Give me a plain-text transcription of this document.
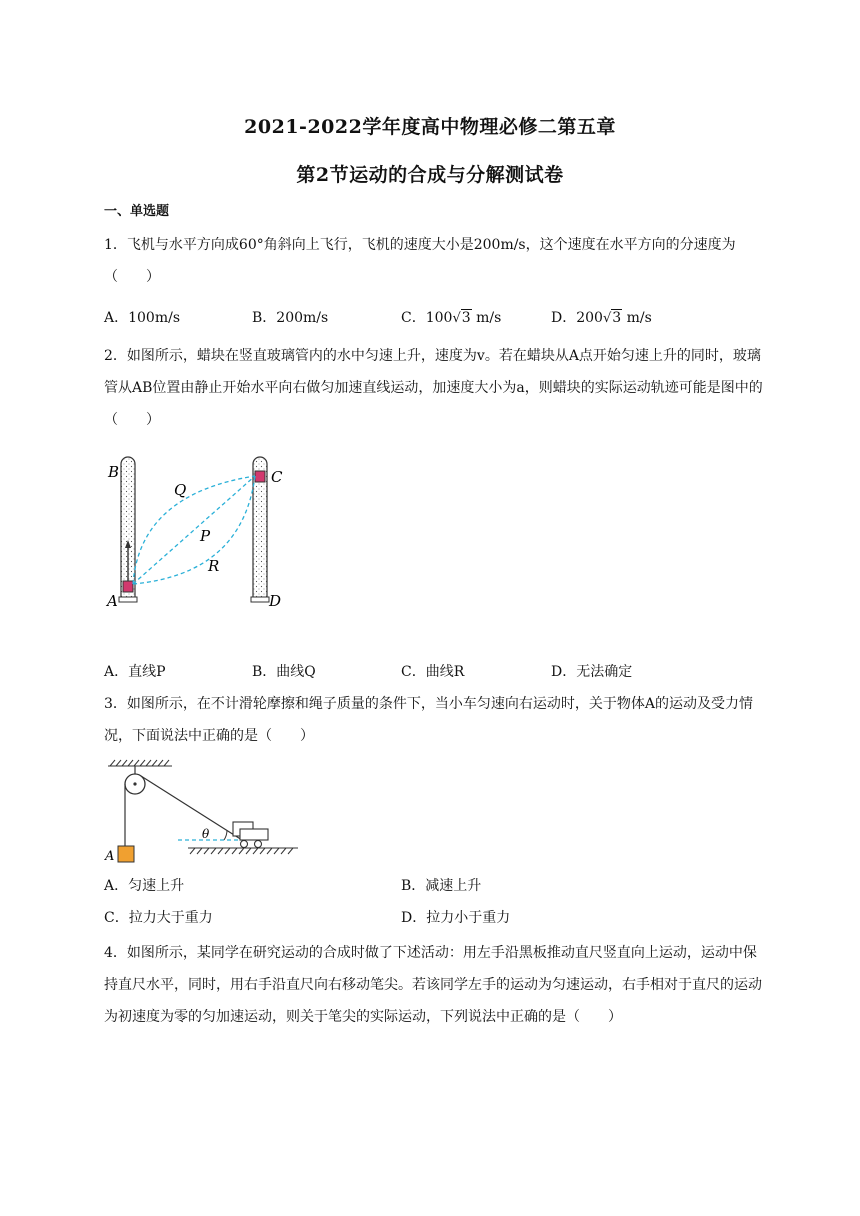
2021-2022学年度高中物理必修二第五章
第2节运动的合成与分解测试卷
一、单选题
1．飞机与水平方向成60°角斜向上飞行，飞机的速度大小是200m/s，这个速度在水平方向的分速度为（　　）
A．100m/s	B．200m/s	C．100√3 m/s	D．200√3 m/s
2．如图所示，蜡块在竖直玻璃管内的水中匀速上升，速度为v。若在蜡块从A点开始匀速上升的同时，玻璃管从AB位置由静止开始水平向右做匀加速直线运动，加速度大小为a，则蜡块的实际运动轨迹可能是图中的（　　）
B	C
Q
P
R
A	D
A．直线P	B．曲线Q	C．曲线R	D．无法确定
3．如图所示，在不计滑轮摩擦和绳子质量的条件下，当小车匀速向右运动时，关于物体A的运动及受力情况，下面说法中正确的是（　　）
A
θ
A．匀速上升	B．减速上升
C．拉力大于重力	D．拉力小于重力
4．如图所示，某同学在研究运动的合成时做了下述活动：用左手沿黑板推动直尺竖直向上运动，运动中保持直尺水平，同时，用右手沿直尺向右移动笔尖。若该同学左手的运动为匀速运动，右手相对于直尺的运动为初速度为零的匀加速运动，则关于笔尖的实际运动，下列说法中正确的是（　　）
